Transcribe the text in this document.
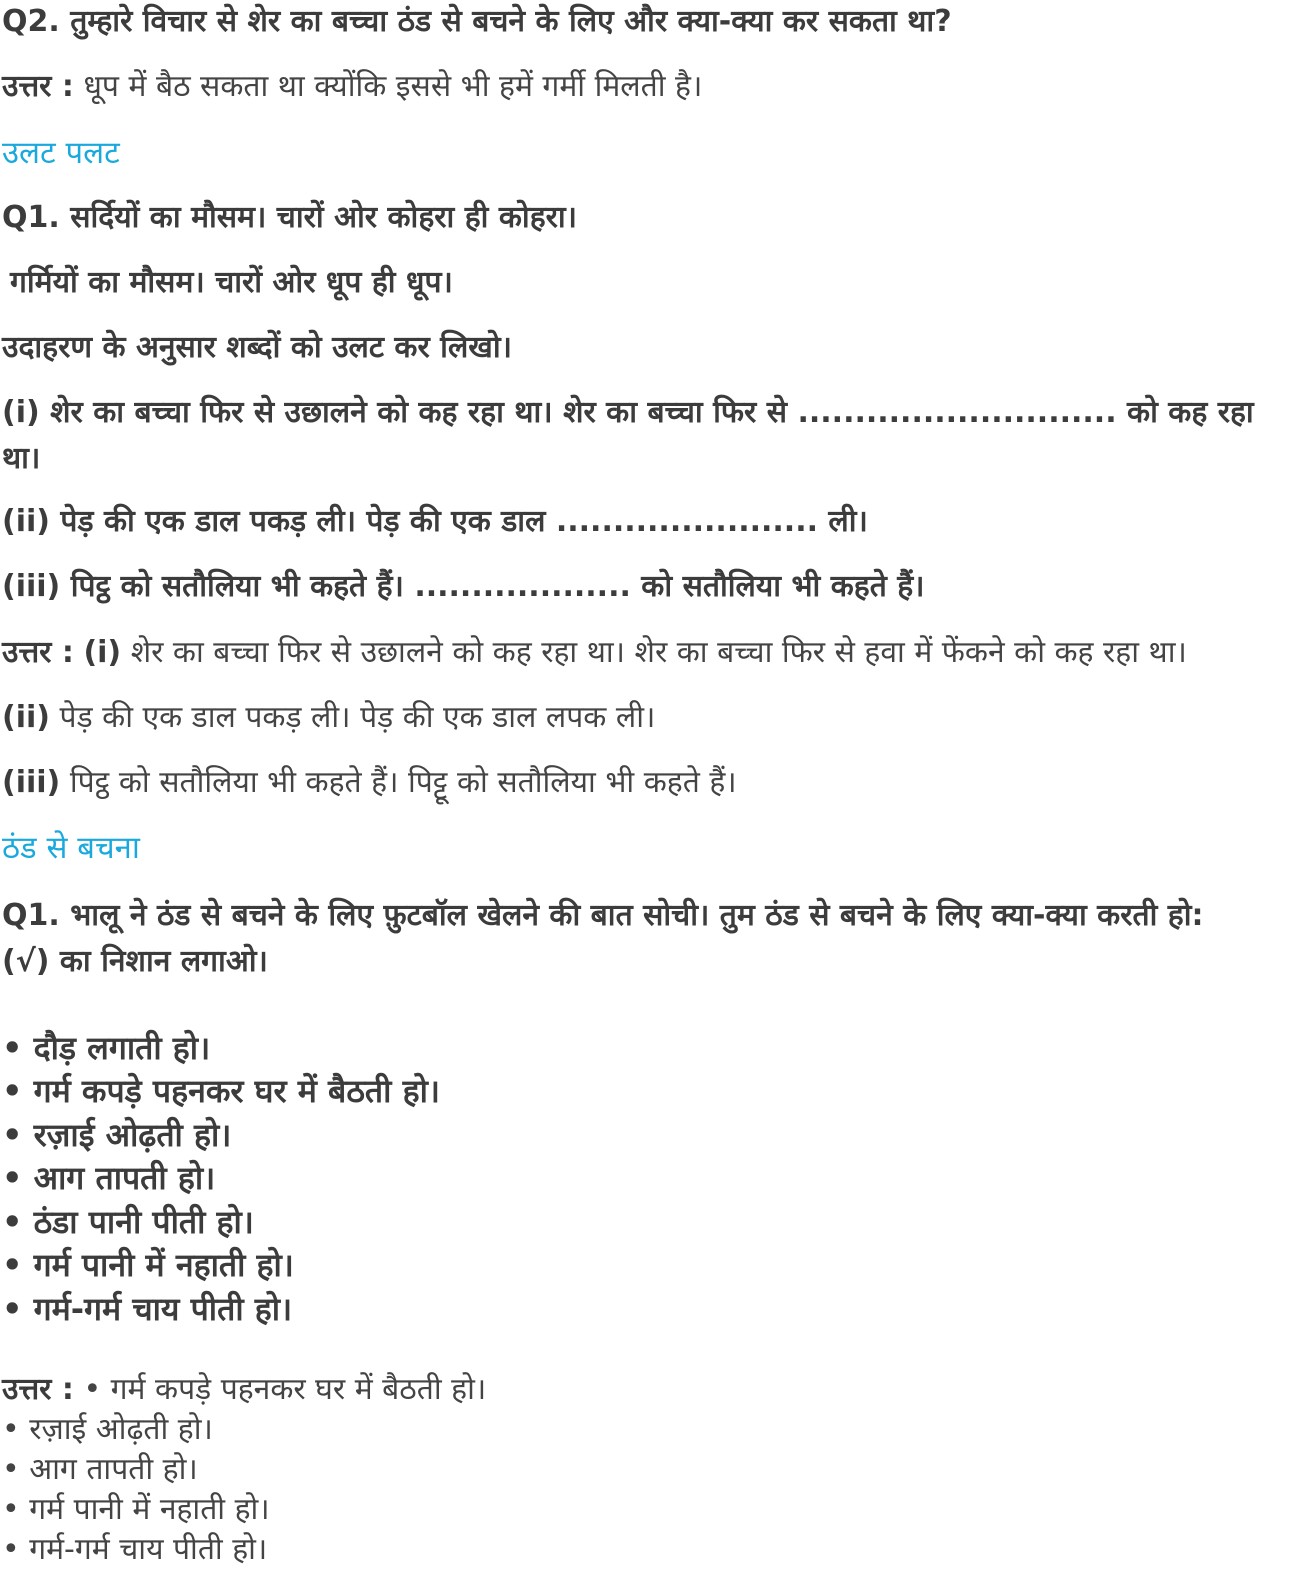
Q2. तुम्हारे विचार से शेर का बच्चा ठंड से बचने के लिए और क्या-क्या कर सकता था?

उत्तर : धूप में बैठ सकता था क्योंकि इससे भी हमें गर्मी मिलती है।

उलट पलट

Q1. सर्दियों का मौसम। चारों ओर कोहरा ही कोहरा।

गर्मियों का मौसम। चारों ओर धूप ही धूप।

उदाहरण के अनुसार शब्दों को उलट कर लिखो।

(i) शेर का बच्चा फिर से उछालने को कह रहा था। शेर का बच्चा फिर से ............................ को कह रहा था।

(ii) पेड़ की एक डाल पकड़ ली। पेड़ की एक डाल ....................... ली।

(iii) पिट्ठ को सतौलिया भी कहते हैं। ................... को सतौलिया भी कहते हैं।

उत्तर : (i) शेर का बच्चा फिर से उछालने को कह रहा था। शेर का बच्चा फिर से हवा में फेंकने को कह रहा था।

(ii) पेड़ की एक डाल पकड़ ली। पेड़ की एक डाल लपक ली।

(iii) पिट्ठ को सतौलिया भी कहते हैं। पिट्टू को सतौलिया भी कहते हैं।

ठंड से बचना

Q1. भालू ने ठंड से बचने के लिए फ़ुटबॉल खेलने की बात सोची। तुम ठंड से बचने के लिए क्या-क्या करती हो: (√) का निशान लगाओ।

• दौड़ लगाती हो।

• गर्म कपड़े पहनकर घर में बैठती हो।

• रज़ाई ओढ़ती हो।

• आग तापती हो।

• ठंडा पानी पीती हो।

• गर्म पानी में नहाती हो।

• गर्म-गर्म चाय पीती हो।

उत्तर : • गर्म कपड़े पहनकर घर में बैठती हो।

• रज़ाई ओढ़ती हो।

• आग तापती हो।

• गर्म पानी में नहाती हो।

• गर्म-गर्म चाय पीती हो।
